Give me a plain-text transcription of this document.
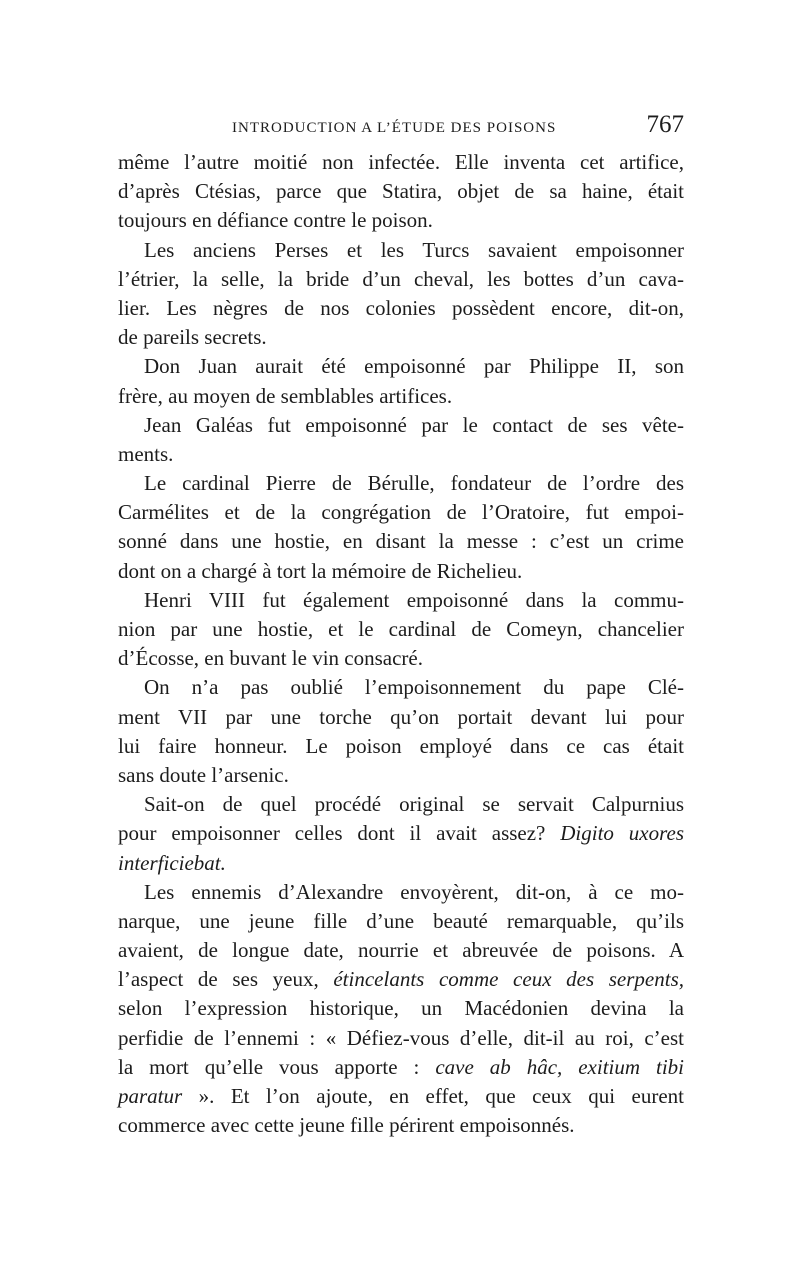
INTRODUCTION A L’ÉTUDE DES POISONS	767
même l’autre moitié non infectée. Elle inventa cet artifice,
d’après Ctésias, parce que Statira, objet de sa haine, était
toujours en défiance contre le poison.
Les anciens Perses et les Turcs savaient empoisonner
l’étrier, la selle, la bride d’un cheval, les bottes d’un cava-
lier. Les nègres de nos colonies possèdent encore, dit-on,
de pareils secrets.
Don Juan aurait été empoisonné par Philippe II, son
frère, au moyen de semblables artifices.
Jean Galéas fut empoisonné par le contact de ses vête-
ments.
Le cardinal Pierre de Bérulle, fondateur de l’ordre des
Carmélites et de la congrégation de l’Oratoire, fut empoi-
sonné dans une hostie, en disant la messe : c’est un crime
dont on a chargé à tort la mémoire de Richelieu.
Henri VIII fut également empoisonné dans la commu-
nion par une hostie, et le cardinal de Comeyn, chancelier
d’Écosse, en buvant le vin consacré.
On n’a pas oublié l’empoisonnement du pape Clé-
ment VII par une torche qu’on portait devant lui pour
lui faire honneur. Le poison employé dans ce cas était
sans doute l’arsenic.
Sait-on de quel procédé original se servait Calpurnius
pour empoisonner celles dont il avait assez? Digito uxores
interficiebat.
Les ennemis d’Alexandre envoyèrent, dit-on, à ce mo-
narque, une jeune fille d’une beauté remarquable, qu’ils
avaient, de longue date, nourrie et abreuvée de poisons. A
l’aspect de ses yeux, étincelants comme ceux des serpents,
selon l’expression historique, un Macédonien devina la
perfidie de l’ennemi : « Défiez-vous d’elle, dit-il au roi, c’est
la mort qu’elle vous apporte : cave ab hâc, exitium tibi
paratur ». Et l’on ajoute, en effet, que ceux qui eurent
commerce avec cette jeune fille périrent empoisonnés.
